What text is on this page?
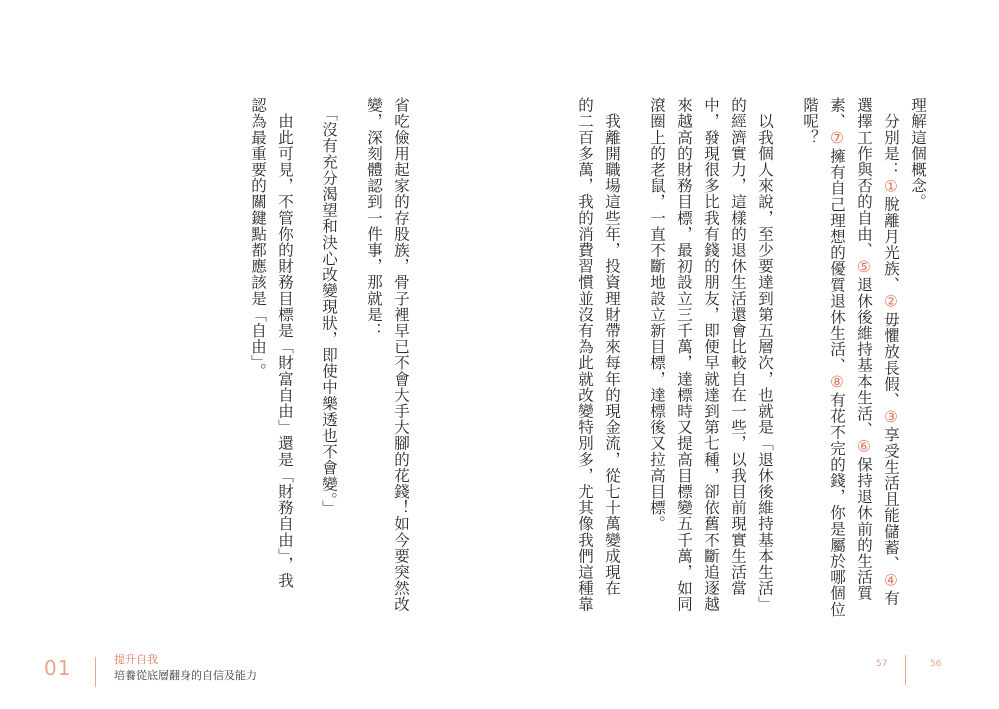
理解這個概念。
　分別是：①脫離月光族、②毋懼放長假、③享受生活且能儲蓄、④有
選擇工作與否的自由、⑤退休後維持基本生活、⑥保持退休前的生活質
素、⑦擁有自己理想的優質退休生活、⑧有花不完的錢，你是屬於哪個位
階呢？
　以我個人來說，至少要達到第五層次，也就是「退休後維持基本生活」
的經濟實力，這樣的退休生活還會比較自在一些，以我目前現實生活當
中，發現很多比我有錢的朋友，即便早就達到第七種，卻依舊不斷追逐越
來越高的財務目標，最初設立三千萬，達標時又提高目標變五千萬，如同
滾圈上的老鼠，一直不斷地設立新目標，達標後又拉高目標。
　我離開職場這些年，投資理財帶來每年的現金流，從七十萬變成現在
的二百多萬，我的消費習慣並沒有為此就改變特別多，尤其像我們這種靠
省吃儉用起家的存股族，骨子裡早已不會大手大腳的花錢！如今要突然改
變，深刻體認到一件事，那就是：
　「沒有充分渴望和決心改變現狀，即使中樂透也不會變。」
　由此可見，不管你的財務目標是「財富自由」還是「財務自由」，我
認為最重要的關鍵點都應該是「自由」。
01	提升自我
培養從底層翻身的自信及能力
57	56
